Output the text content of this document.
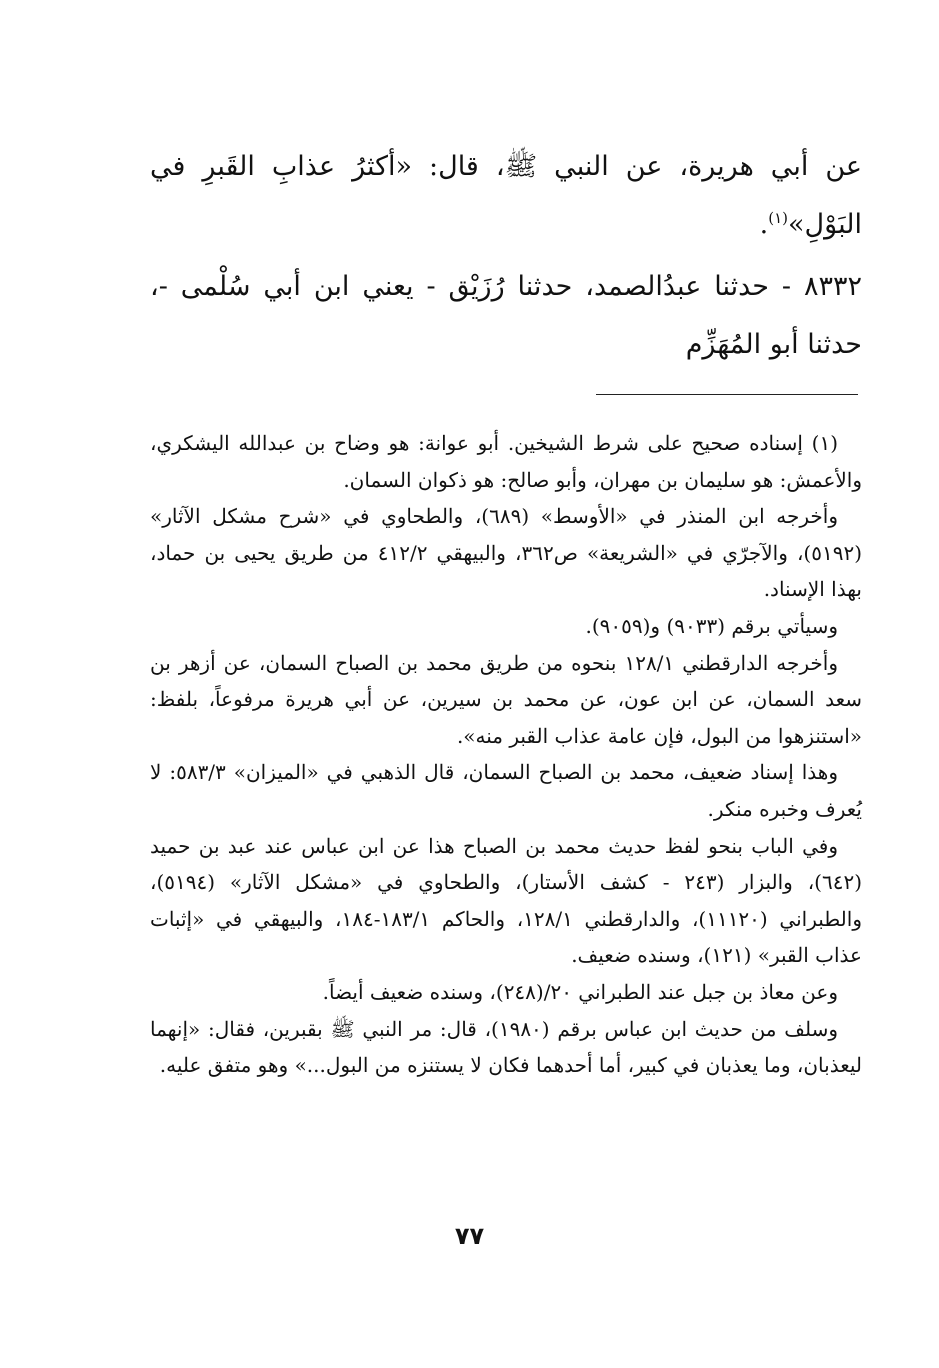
عن أبي هريرة، عن النبي ﷺ، قال: «أكثرُ عذابِ القَبرِ في البَوْلِ»$^{(١)}$.

٨٣٣٢ - حدثنا عبدُالصمد، حدثنا رُزَيْق - يعني ابن أبي سُلْمى -، حدثنا أبو المُهَزِّم

(١) إسناده صحيح على شرط الشيخين. أبو عوانة: هو وضاح بن عبدالله اليشكري، والأعمش: هو سليمان بن مهران، وأبو صالح: هو ذكوان السمان.

وأخرجه ابن المنذر في «الأوسط» (٦٨٩)، والطحاوي في «شرح مشكل الآثار» (٥١٩٢)، والآجرّي في «الشريعة» ص٣٦٢، والبيهقي ٤١٢/٢ من طريق يحيى بن حماد، بهذا الإسناد.

وسيأتي برقم (٩٠٣٣) و(٩٠٥٩).

وأخرجه الدارقطني ١٢٨/١ بنحوه من طريق محمد بن الصباح السمان، عن أزهر بن سعد السمان، عن ابن عون، عن محمد بن سيرين، عن أبي هريرة مرفوعاً، بلفظ: «استنزهوا من البول، فإن عامة عذاب القبر منه».

وهذا إسناد ضعيف، محمد بن الصباح السمان، قال الذهبي في «الميزان» ٥٨٣/٣: لا يُعرف وخبره منكر.

وفي الباب بنحو لفظ حديث محمد بن الصباح هذا عن ابن عباس عند عبد بن حميد (٦٤٢)، والبزار (٢٤٣ - كشف الأستار)، والطحاوي في «مشكل الآثار» (٥١٩٤)، والطبراني (١١١٢٠)، والدارقطني ١٢٨/١، والحاكم ١٨٣/١-١٨٤، والبيهقي في «إثبات عذاب القبر» (١٢١)، وسنده ضعيف.

وعن معاذ بن جبل عند الطبراني ٢٠/(٢٤٨)، وسنده ضعيف أيضاً.

وسلف من حديث ابن عباس برقم (١٩٨٠)، قال: مر النبي ﷺ بقبرين، فقال: «إنهما ليعذبان، وما يعذبان في كبير، أما أحدهما فكان لا يستنزه من البول...» وهو متفق عليه.

٧٧
